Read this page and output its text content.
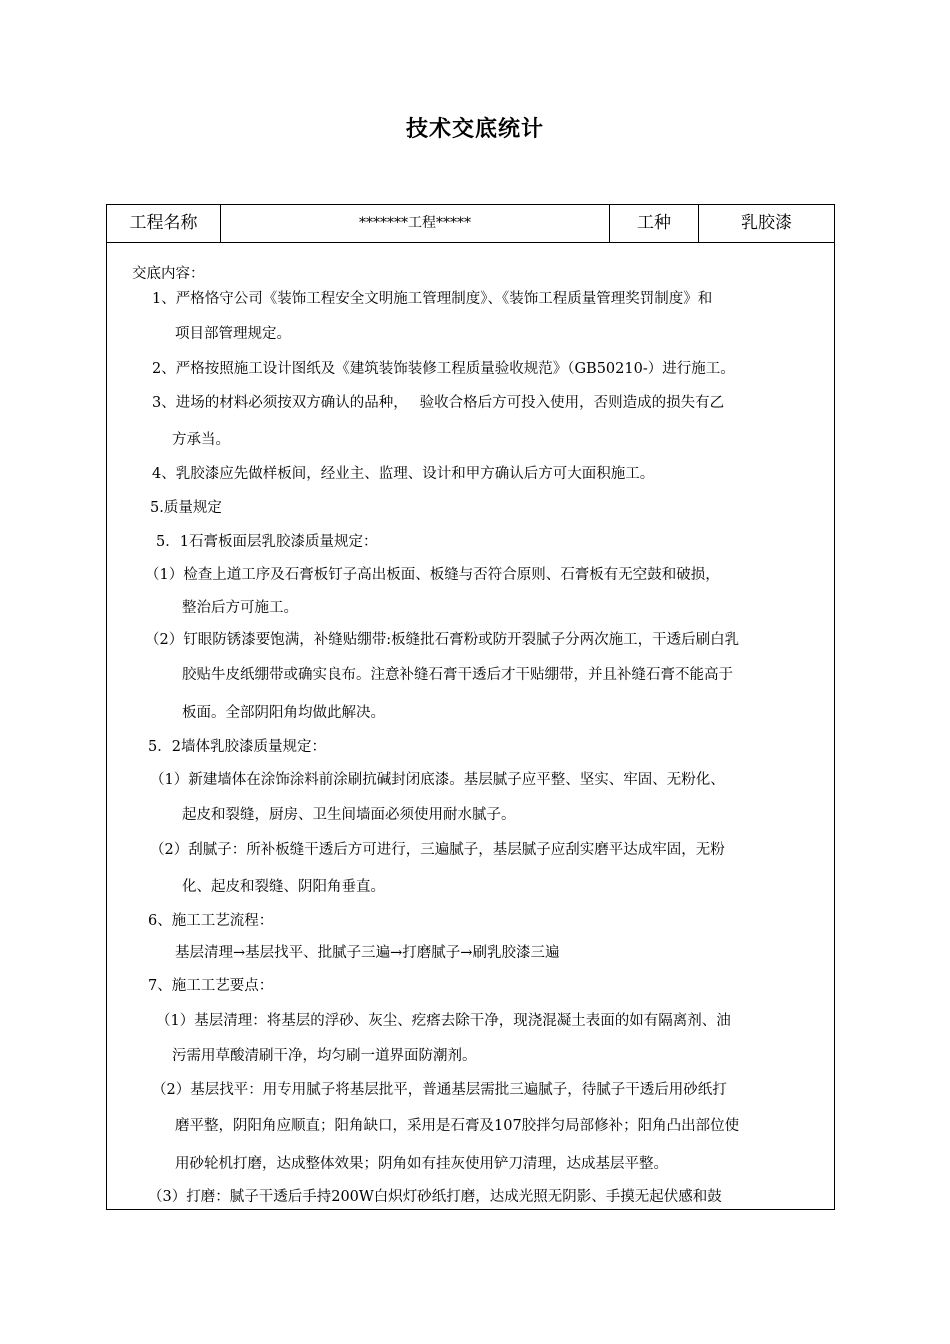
技术交底统计
工程名称	*******工程*****	工种	乳胶漆
交底内容：
1、严格恪守公司《装饰工程安全文明施工管理制度》、《装饰工程质量管理奖罚制度》和
项目部管理规定。
2、严格按照施工设计图纸及《建筑装饰装修工程质量验收规范》（GB50210-）进行施工。
3、进场的材料必须按双方确认的品种，　 验收合格后方可投入使用，否则造成的损失有乙
方承当。
4、乳胶漆应先做样板间，经业主、监理、设计和甲方确认后方可大面积施工。
5.质量规定
5．1石膏板面层乳胶漆质量规定：
（1）检查上道工序及石膏板钉子高出板面、板缝与否符合原则、石膏板有无空鼓和破损，
整治后方可施工。
（2）钉眼防锈漆要饱满，补缝贴绷带:板缝批石膏粉或防开裂腻子分两次施工，干透后刷白乳
胶贴牛皮纸绷带或确实良布。注意补缝石膏干透后才干贴绷带，并且补缝石膏不能高于
板面。全部阴阳角均做此解决。
5．2墙体乳胶漆质量规定：
（1）新建墙体在涂饰涂料前涂刷抗碱封闭底漆。基层腻子应平整、坚实、牢固、无粉化、
起皮和裂缝，厨房、卫生间墙面必须使用耐水腻子。
（2）刮腻子：所补板缝干透后方可进行，三遍腻子，基层腻子应刮实磨平达成牢固，无粉
化、起皮和裂缝、阴阳角垂直。
6、施工工艺流程：
基层清理→基层找平、批腻子三遍→打磨腻子→刷乳胶漆三遍
7、施工工艺要点：
（1）基层清理：将基层的浮砂、灰尘、疙瘩去除干净，现浇混凝土表面的如有隔离剂、油
污需用草酸清刷干净，均匀刷一道界面防潮剂。
（2）基层找平：用专用腻子将基层批平，普通基层需批三遍腻子，待腻子干透后用砂纸打
磨平整，阴阳角应顺直；阳角缺口，采用是石膏及107胶拌匀局部修补；阳角凸出部位使
用砂轮机打磨，达成整体效果；阴角如有挂灰使用铲刀清理，达成基层平整。
（3）打磨：腻子干透后手持200W白炽灯砂纸打磨，达成光照无阴影、手摸无起伏感和鼓
